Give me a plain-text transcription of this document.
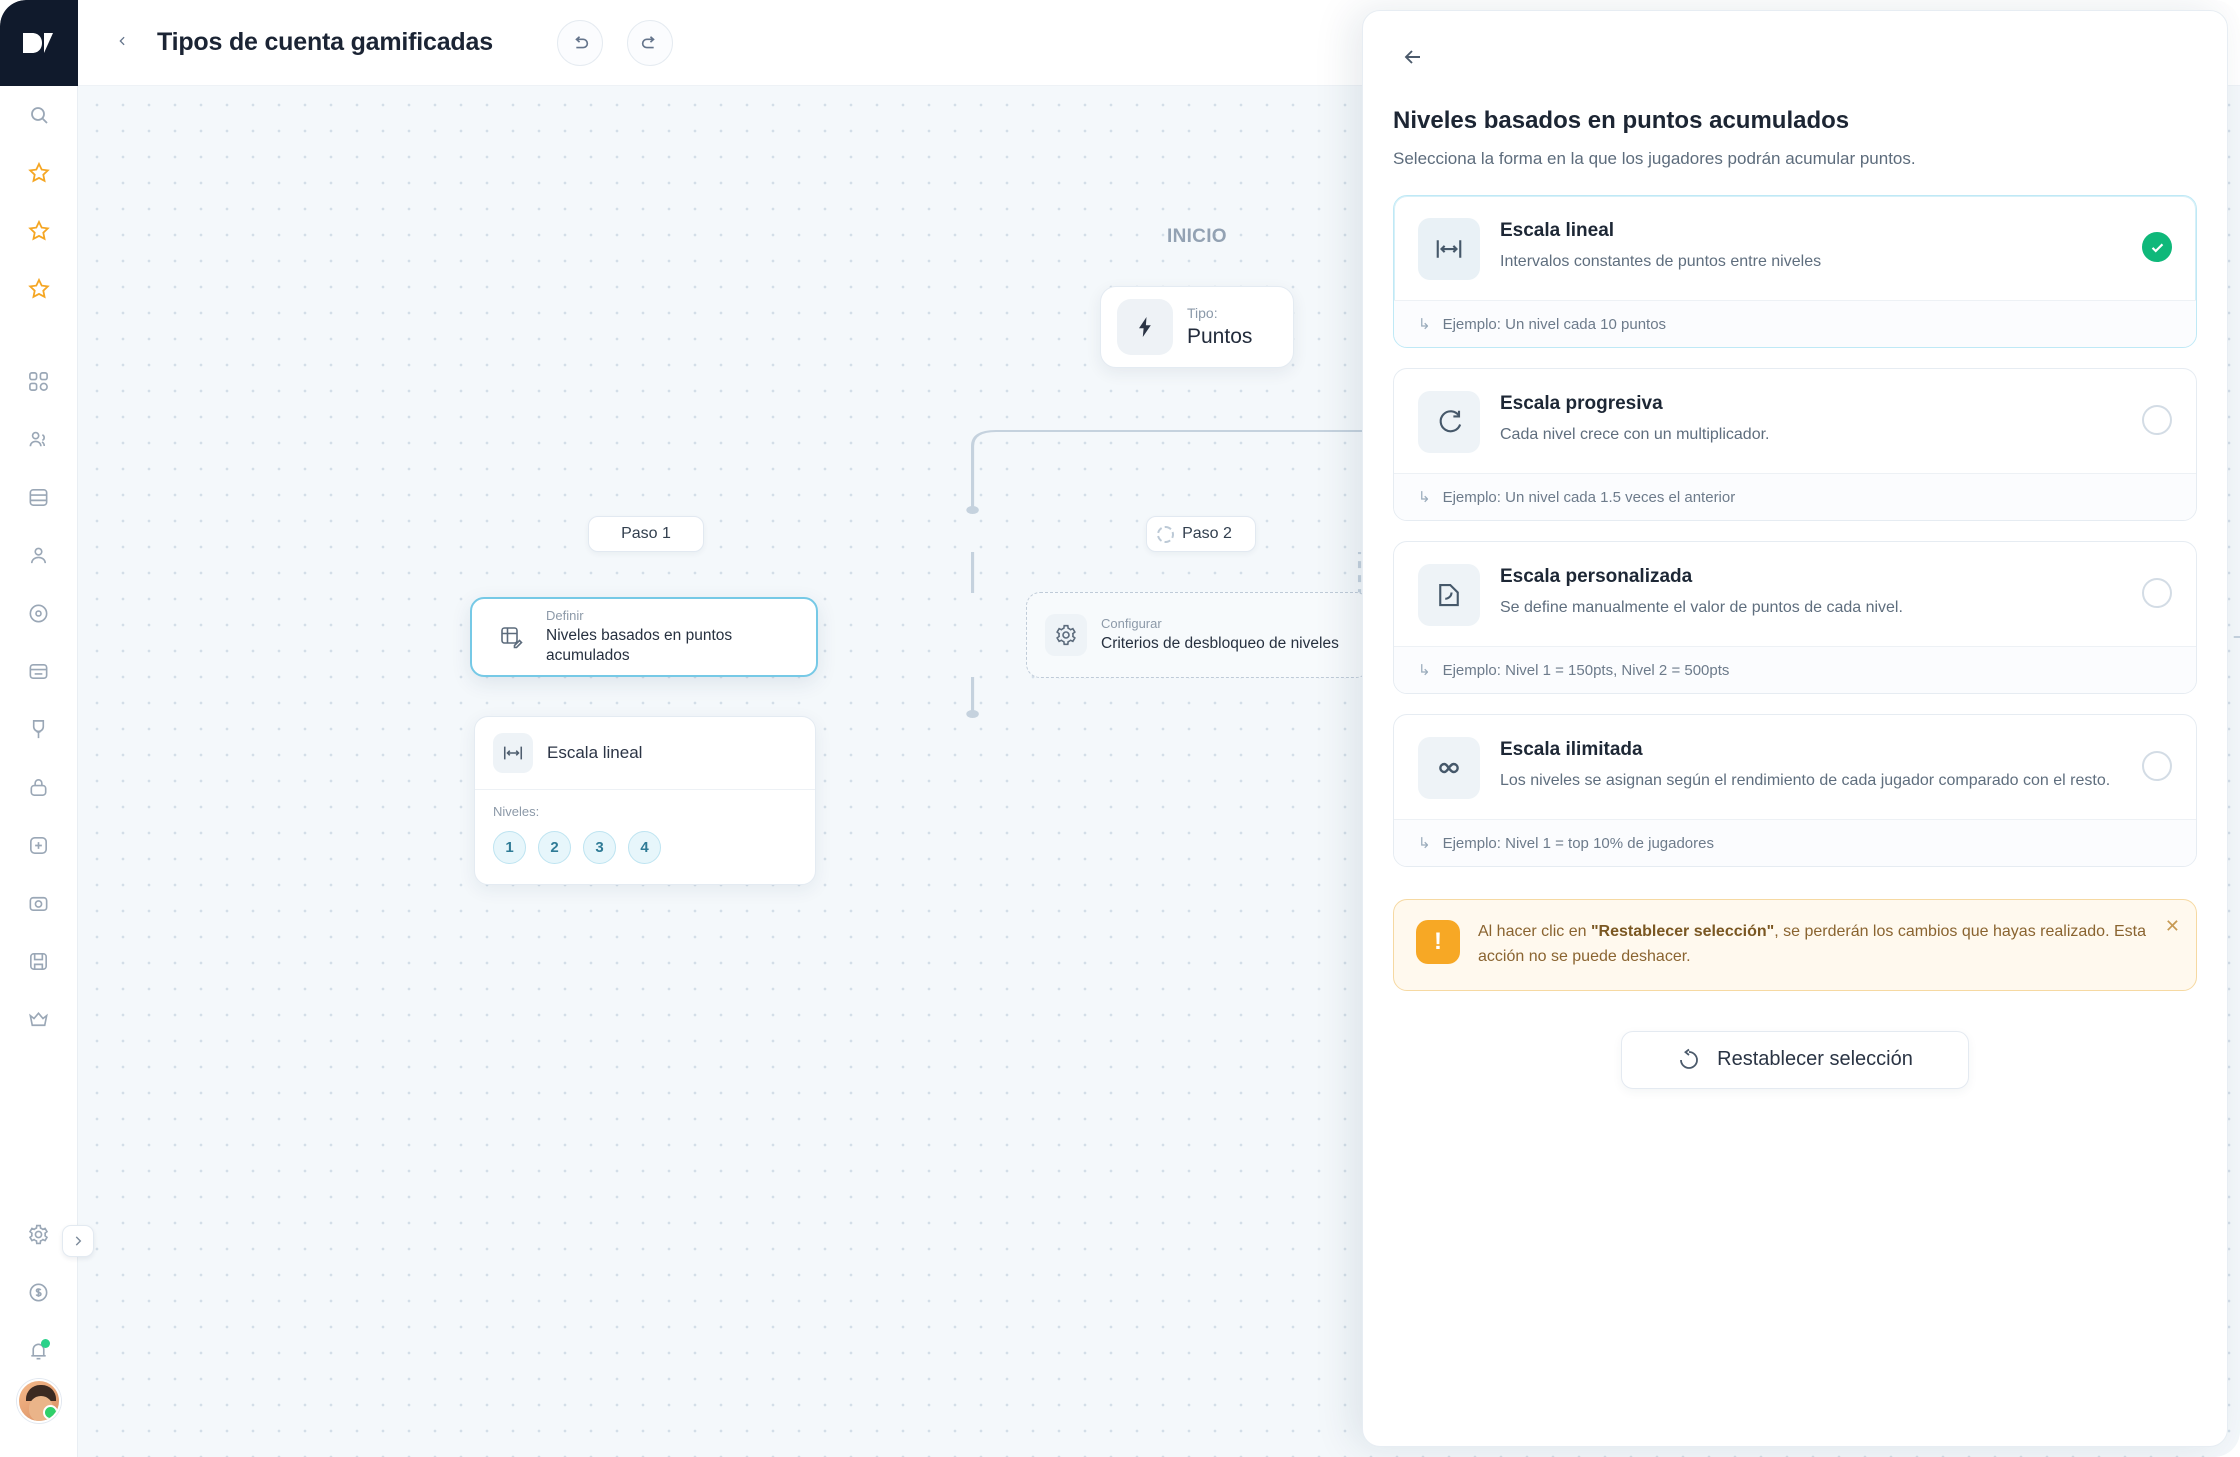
Tipos de cuenta gamificadas
INICIO
Tipo:
Puntos
Paso 1	Paso 2
Definir
Niveles basados en puntos acumulados
Configurar
Criterios de desbloqueo de niveles
Escala lineal
Niveles:
1	2	3	4
Niveles basados en puntos acumulados
Selecciona la forma en la que los jugadores podrán acumular puntos.
Escala lineal
Intervalos constantes de puntos entre niveles
↳ Ejemplo: Un nivel cada 10 puntos
Escala progresiva
Cada nivel crece con un multiplicador.
↳ Ejemplo: Un nivel cada 1.5 veces el anterior
Escala personalizada
Se define manualmente el valor de puntos de cada nivel.
↳ Ejemplo: Nivel 1 = 150pts, Nivel 2 = 500pts
Escala ilimitada
Los niveles se asignan según el rendimiento de cada jugador comparado con el resto.
↳ Ejemplo: Nivel 1 = top 10% de jugadores
!	Al hacer clic en "Restablecer selección", se perderán los cambios que hayas realizado. Esta acción no se puede deshacer.
✕
Restablecer selección
